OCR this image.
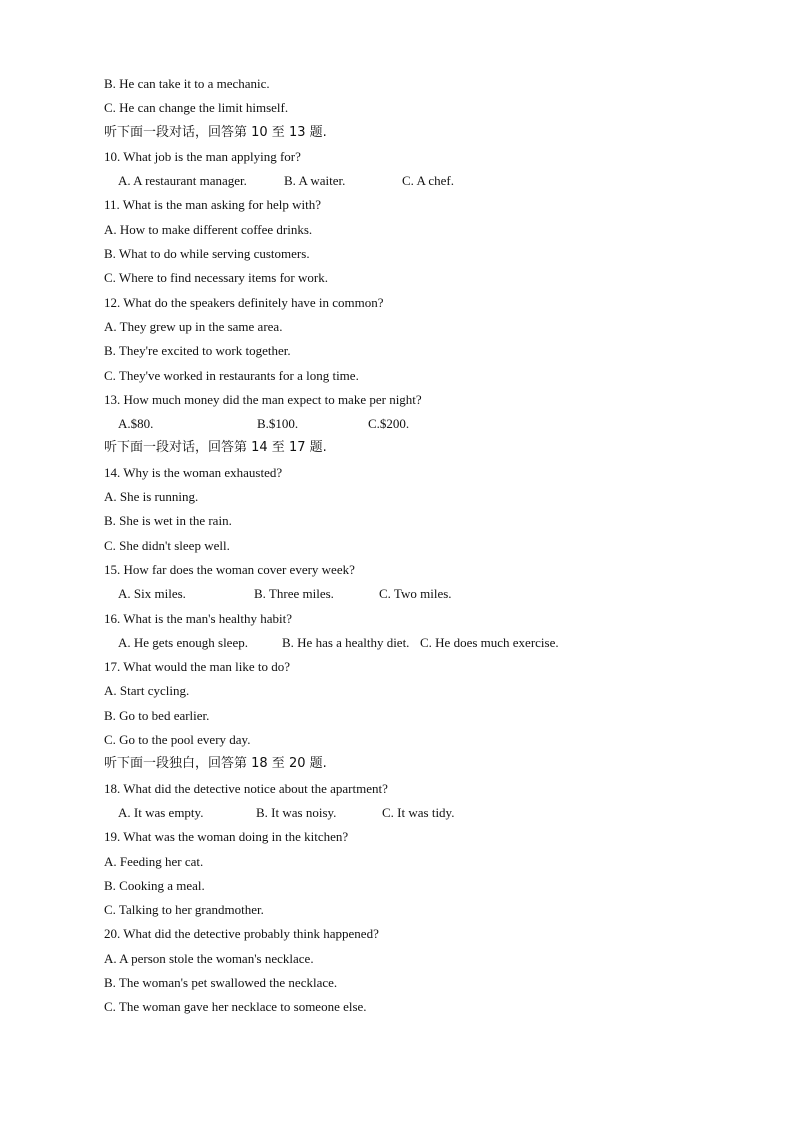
B. He can take it to a mechanic.
C. He can change the limit himself.
听下面一段对话，回答第 10 至 13 题.
10. What job is the man applying for?
A. A restaurant manager.	B. A waiter.	C. A chef.
11. What is the man asking for help with?
A. How to make different coffee drinks.
B. What to do while serving customers.
C. Where to find necessary items for work.
12. What do the speakers definitely have in common?
A. They grew up in the same area.
B. They're excited to work together.
C. They've worked in restaurants for a long time.
13. How much money did the man expect to make per night?
A.$80.	B.$100.	C.$200.
听下面一段对话，回答第 14 至 17 题.
14. Why is the woman exhausted?
A. She is running.
B. She is wet in the rain.
C. She didn't sleep well.
15. How far does the woman cover every week?
A. Six miles.	B. Three miles.	C. Two miles.
16. What is the man's healthy habit?
A. He gets enough sleep.	B. He has a healthy diet. C. He does much exercise.
17. What would the man like to do?
A. Start cycling.
B. Go to bed earlier.
C. Go to the pool every day.
听下面一段独白，回答第 18 至 20 题.
18. What did the detective notice about the apartment?
A. It was empty.	B. It was noisy.	C. It was tidy.
19. What was the woman doing in the kitchen?
A. Feeding her cat.
B. Cooking a meal.
C. Talking to her grandmother.
20. What did the detective probably think happened?
A. A person stole the woman's necklace.
B. The woman's pet swallowed the necklace.
C. The woman gave her necklace to someone else.
